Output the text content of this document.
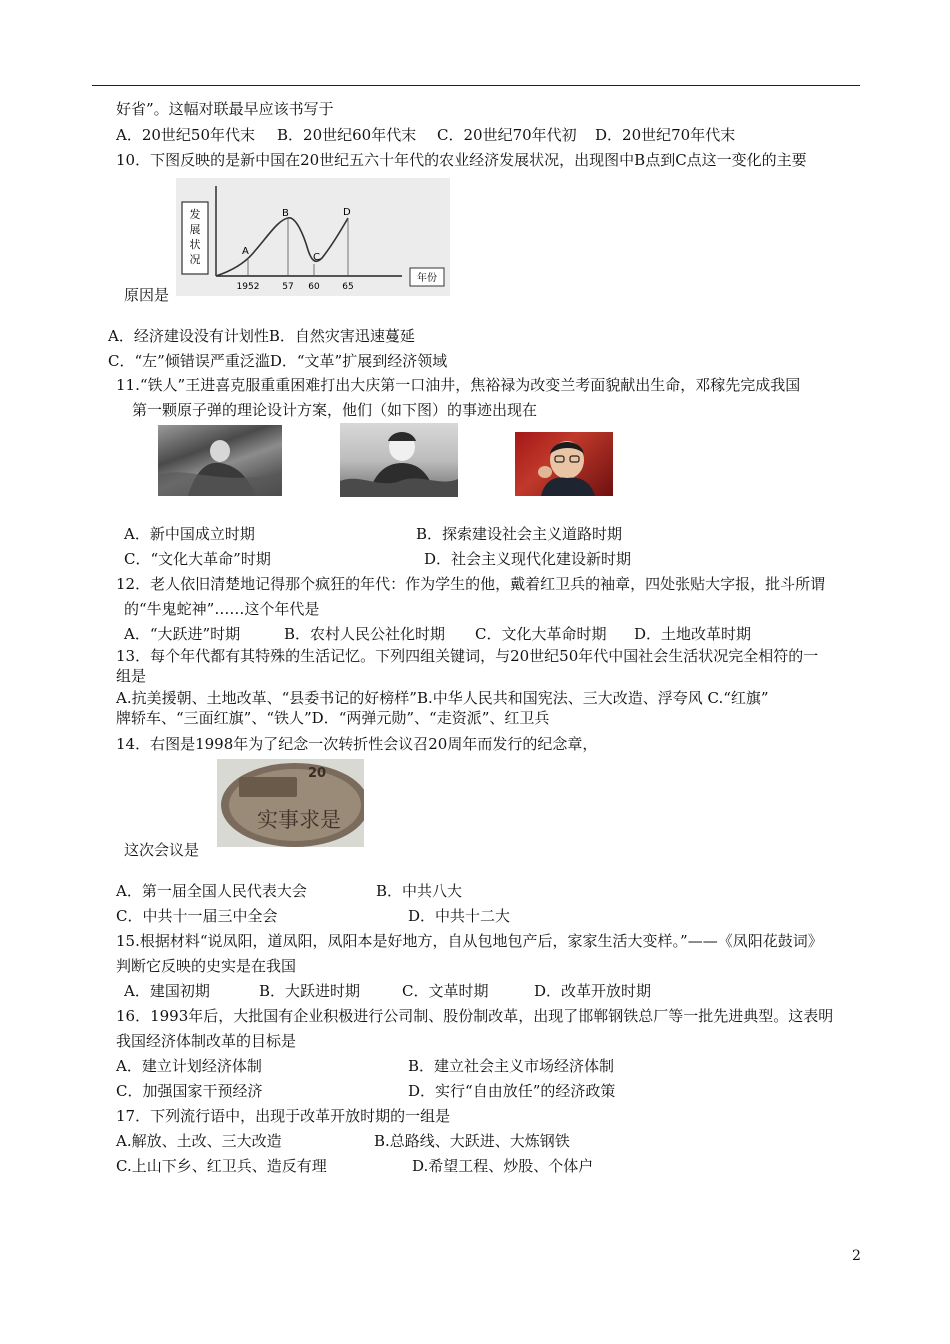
好省”。这幅对联最早应该书写于
A．20世纪50年代末 B．20世纪60年代末 C．20世纪70年代初 D．20世纪70年代末
10．下图反映的是新中国在20世纪五六十年代的农业经济发展状况，出现图中B点到C点这一变化的主要
发
展
状
况
A
B
C
D
1952	57 60	65
年份
原因是
A．经济建设没有计划性B．自然灾害迅速蔓延
C．“左”倾错误严重泛滥D．“文革”扩展到经济领域
11.“铁人”王进喜克服重重困难打出大庆第一口油井，焦裕禄为改变兰考面貌献出生命，邓稼先完成我国
第一颗原子弹的理论设计方案，他们（如下图）的事迹出现在
A．新中国成立时期	B．探索建设社会主义道路时期
C．“文化大革命”时期	D．社会主义现代化建设新时期
12．老人依旧清楚地记得那个疯狂的年代：作为学生的他，戴着红卫兵的袖章，四处张贴大字报，批斗所谓
的“牛鬼蛇神”……这个年代是
A．“大跃进”时期	B．农村人民公社化时期 C．文化大革命时期 D．土地改革时期
13．每个年代都有其特殊的生活记忆。下列四组关键词，与20世纪50年代中国社会生活状况完全相符的一
组是
A.抗美援朝、土地改革、“县委书记的好榜样”B.中华人民共和国宪法、三大改造、浮夸风 C.“红旗”
牌轿车、“三面红旗”、“铁人”D．“两弹元勋”、“走资派”、红卫兵
14．右图是1998年为了纪念一次转折性会议召20周年而发行的纪念章，
20
实事求是
这次会议是
A．第一届全国人民代表大会	B．中共八大
C．中共十一届三中全会	D．中共十二大
15.根据材料“说凤阳，道凤阳，凤阳本是好地方，自从包地包产后，家家生活大变样。”——《凤阳花鼓词》
判断它反映的史实是在我国
A．建国初期	B．大跃进时期	C．文革时期	D．改革开放时期
16．1993年后，大批国有企业积极进行公司制、股份制改革，出现了邯郸钢铁总厂等一批先进典型。这表明
我国经济体制改革的目标是
A．建立计划经济体制	B．建立社会主义市场经济体制
C．加强国家干预经济	D．实行“自由放任”的经济政策
17．下列流行语中，出现于改革开放时期的一组是
A.解放、土改、三大改造	B.总路线、大跃进、大炼钢铁
C.上山下乡、红卫兵、造反有理	D.希望工程、炒股、个体户
2
